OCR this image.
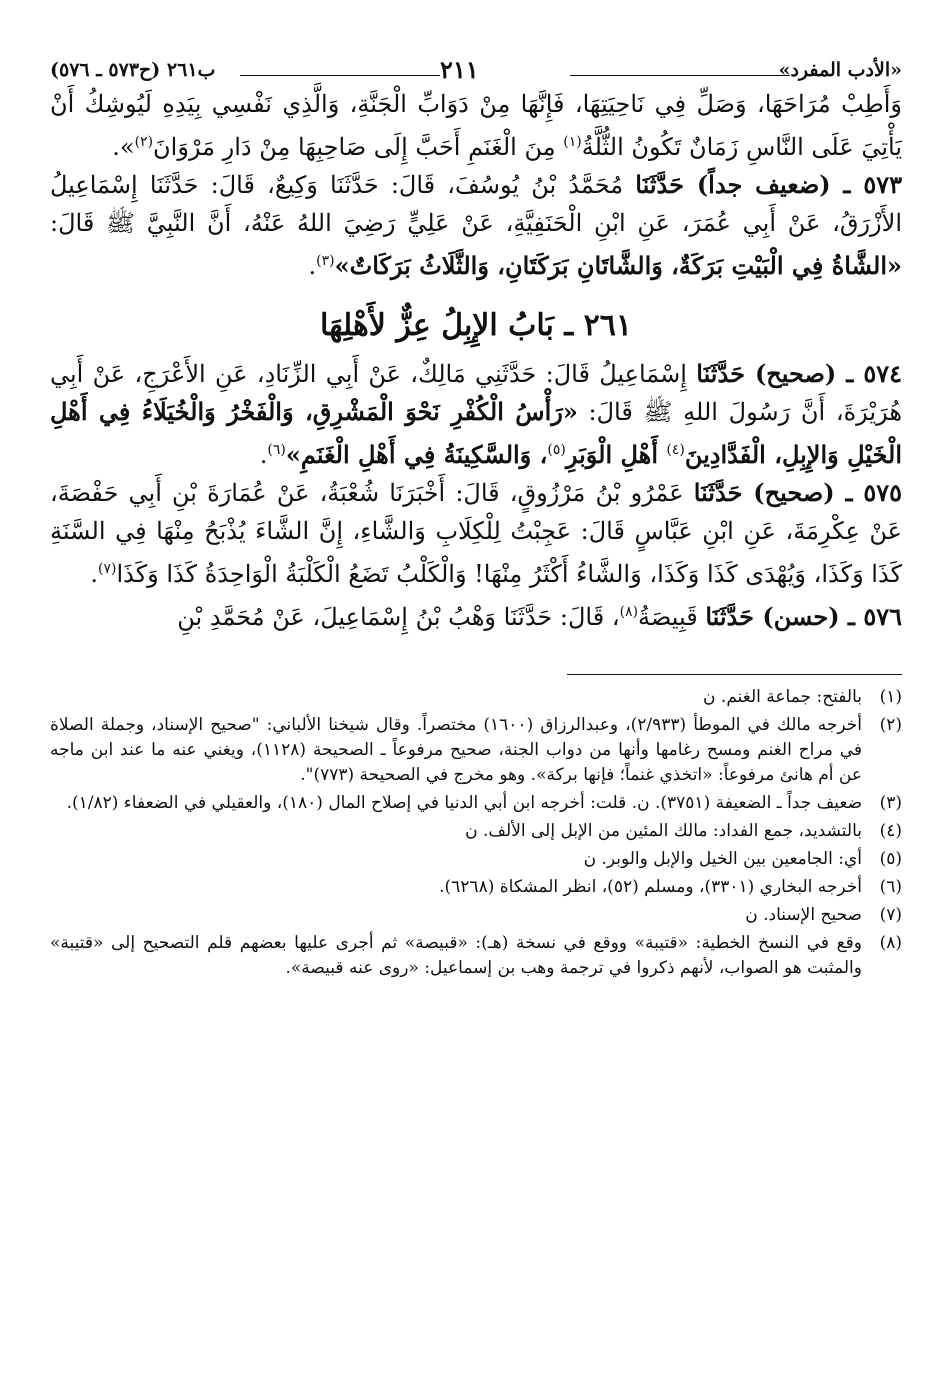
«الأدب المفرد»
٢١١
ب٢٦١ (ح٥٧٣ ـ ٥٧٦)

وَأَطِبْ مُرَاحَهَا، وَصَلِّ فِي نَاحِيَتِهَا، فَإِنَّهَا مِنْ دَوَابِّ الْجَنَّةِ، وَالَّذِي نَفْسِي بِيَدِهِ لَيُوشِكُ أَنْ يَأْتِيَ عَلَى النَّاسِ زَمَانٌ تَكُونُ الثُّلَّةُ$^{(١)}$ مِنَ الْغَنَمِ أَحَبَّ إِلَى صَاحِبِهَا مِنْ دَارِ مَرْوَانَ$^{(٢)}$».

٥٧٣ ـ (ضعيف جداً) حَدَّثَنَا مُحَمَّدُ بْنُ يُوسُفَ، قَالَ: حَدَّثَنَا وَكِيعٌ، قَالَ: حَدَّثَنَا إِسْمَاعِيلُ الأَزْرَقُ، عَنْ أَبِي عُمَرَ، عَنِ ابْنِ الْحَنَفِيَّةِ، عَنْ عَلِيٍّ رَضِيَ اللهُ عَنْهُ، أَنَّ النَّبِيَّ ﷺ قَالَ: «الشَّاةُ فِي الْبَيْتِ بَرَكَةٌ، وَالشَّاتَانِ بَرَكَتَانِ، وَالثَّلَاثُ بَرَكَاتٌ»$^{(٣)}$.

٢٦١ ـ بَابُ الإِبِلُ عِزٌّ لأَهْلِهَا

٥٧٤ ـ (صحيح) حَدَّثَنَا إِسْمَاعِيلُ قَالَ: حَدَّثَنِي مَالِكٌ، عَنْ أَبِي الزِّنَادِ، عَنِ الأَعْرَجِ، عَنْ أَبِي هُرَيْرَةَ، أَنَّ رَسُولَ اللهِ ﷺ قَالَ: «رَأْسُ الْكُفْرِ نَحْوَ الْمَشْرِقِ، وَالْفَخْرُ وَالْخُيَلَاءُ فِي أَهْلِ الْخَيْلِ وَالإِبِلِ، الْفَدَّادِينَ$^{(٤)}$ أَهْلِ الْوَبَرِ$^{(٥)}$، وَالسَّكِينَةُ فِي أَهْلِ الْغَنَمِ»$^{(٦)}$.

٥٧٥ ـ (صحيح) حَدَّثَنَا عَمْرُو بْنُ مَرْزُوقٍ، قَالَ: أَخْبَرَنَا شُعْبَةُ، عَنْ عُمَارَةَ بْنِ أَبِي حَفْصَةَ، عَنْ عِكْرِمَةَ، عَنِ ابْنِ عَبَّاسٍ قَالَ: عَجِبْتُ لِلْكِلَابِ وَالشَّاءِ، إِنَّ الشَّاءَ يُذْبَحُ مِنْهَا فِي السَّنَةِ كَذَا وَكَذَا، وَيُهْدَى كَذَا وَكَذَا، وَالشَّاءُ أَكْثَرُ مِنْهَا! وَالْكَلْبُ تَضَعُ الْكَلْبَةُ الْوَاحِدَةُ كَذَا وَكَذَا$^{(٧)}$.

٥٧٦ ـ (حسن) حَدَّثَنَا قَبِيصَةُ$^{(٨)}$، قَالَ: حَدَّثَنَا وَهْبُ بْنُ إِسْمَاعِيلَ، عَنْ مُحَمَّدِ بْنِ

(١)
بالفتح: جماعة الغنم. ن
(٢)
أخرجه مالك في الموطأ (٢/٩٣٣)، وعبدالرزاق (١٦٠٠) مختصراً. وقال شيخنا الألباني: "صحيح الإسناد، وجملة الصلاة في مراح الغنم ومسح رغامها وأنها من دواب الجنة، صحيح مرفوعاً ـ الصحيحة (١١٢٨)، ويغني عنه ما عند ابن ماجه عن أم هانئ مرفوعاً: «اتخذي غنماً؛ فإنها بركة». وهو مخرج في الصحيحة (٧٧٣)".
(٣)
ضعيف جداً ـ الضعيفة (٣٧٥١). ن. قلت: أخرجه ابن أبي الدنيا في إصلاح المال (١٨٠)، والعقيلي في الضعفاء (١/٨٢).
(٤)
بالتشديد، جمع الفداد: مالك المئين من الإبل إلى الألف. ن
(٥)
أي: الجامعين بين الخيل والإبل والوبر. ن
(٦)
أخرجه البخاري (٣٣٠١)، ومسلم (٥٢)، انظر المشكاة (٦٢٦٨).
(٧)
صحيح الإسناد. ن
(٨)
وقع في النسخ الخطية: «قتيبة» ووقع في نسخة (هـ): «قبيصة» ثم أجرى عليها بعضهم قلم التصحيح إلى «قتيبة» والمثبت هو الصواب، لأنهم ذكروا في ترجمة وهب بن إسماعيل: «روى عنه قبيصة».
